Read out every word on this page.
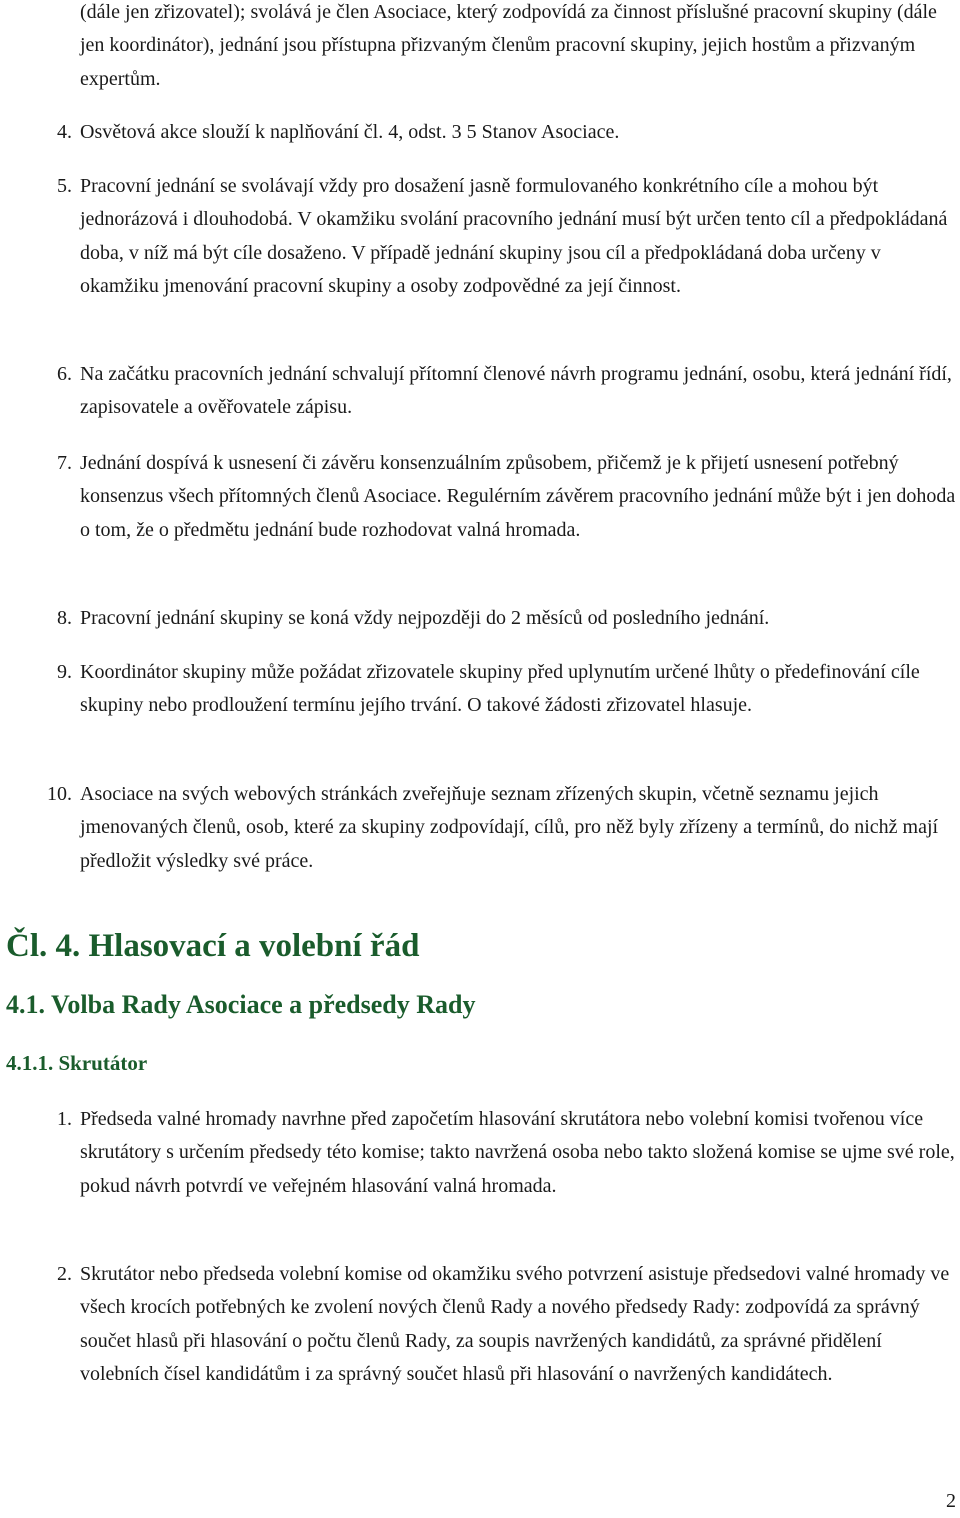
(dále jen zřizovatel); svolává je člen Asociace, který zodpovídá za činnost příslušné pracovní skupiny (dále jen koordinátor), jednání jsou přístupna přizvaným členům pracovní skupiny, jejich hostům a přizvaným expertům.

4. Osvětová akce slouží k naplňování čl. 4, odst. 3 5 Stanov Asociace.

5. Pracovní jednání se svolávají vždy pro dosažení jasně formulovaného konkrétního cíle a mohou být jednorázová i dlouhodobá. V okamžiku svolání pracovního jednání musí být určen tento cíl a předpokládaná doba, v níž má být cíle dosaženo. V případě jednání skupiny jsou cíl a předpokládaná doba určeny v okamžiku jmenování pracovní skupiny a osoby zodpovědné za její činnost.

6. Na začátku pracovních jednání schvalují přítomní členové návrh programu jednání, osobu, která jednání řídí, zapisovatele a ověřovatele zápisu.

7. Jednání dospívá k usnesení či závěru konsenzuálním způsobem, přičemž je k přijetí usnesení potřebný konsenzus všech přítomných členů Asociace. Regulérním závěrem pracovního jednání může být i jen dohoda o tom, že o předmětu jednání bude rozhodovat valná hromada.

8. Pracovní jednání skupiny se koná vždy nejpozději do 2 měsíců od posledního jednání.

9. Koordinátor skupiny může požádat zřizovatele skupiny před uplynutím určené lhůty o předefinování cíle skupiny nebo prodloužení termínu jejího trvání. O takové žádosti zřizovatel hlasuje.

10. Asociace na svých webových stránkách zveřejňuje seznam zřízených skupin, včetně seznamu jejich jmenovaných členů, osob, které za skupiny zodpovídají, cílů, pro něž byly zřízeny a termínů, do nichž mají předložit výsledky své práce.

Čl. 4. Hlasovací a volební řád
4.1. Volba Rady Asociace a předsedy Rady
4.1.1. Skrutátor
1. Předseda valné hromady navrhne před započetím hlasování skrutátora nebo volební komisi tvořenou více skrutátory s určením předsedy této komise; takto navržená osoba nebo takto složená komise se ujme své role, pokud návrh potvrdí ve veřejném hlasování valná hromada.

2. Skrutátor nebo předseda volební komise od okamžiku svého potvrzení asistuje předsedovi valné hromady ve všech krocích potřebných ke zvolení nových členů Rady a nového předsedy Rady: zodpovídá za správný součet hlasů při hlasování o počtu členů Rady, za soupis navržených kandidátů, za správné přidělení volebních čísel kandidátům i za správný součet hlasů při hlasování o navržených kandidátech.

2
